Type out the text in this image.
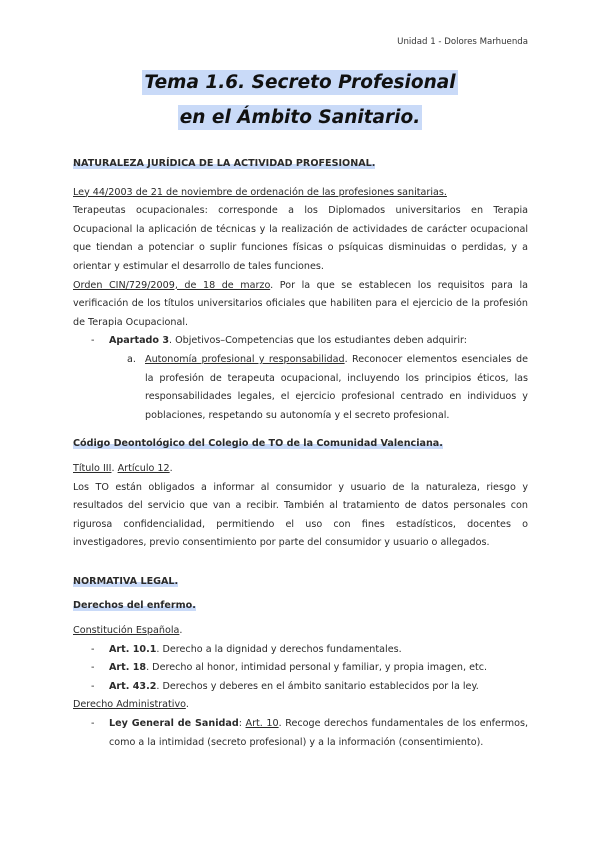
Unidad 1 - Dolores Marhuenda
Tema 1.6. Secreto Profesional
en el Ámbito Sanitario.
NATURALEZA JURÍDICA DE LA ACTIVIDAD PROFESIONAL.
Ley 44/2003 de 21 de noviembre de ordenación de las profesiones sanitarias.
Terapeutas ocupacionales: corresponde a los Diplomados universitarios en Terapia Ocupacional la aplicación de técnicas y la realización de actividades de carácter ocupacional que tiendan a potenciar o suplir funciones físicas o psíquicas disminuidas o perdidas, y a orientar y estimular el desarrollo de tales funciones.
Orden CIN/729/2009, de 18 de marzo. Por la que se establecen los requisitos para la verificación de los títulos universitarios oficiales que habiliten para el ejercicio de la profesión de Terapia Ocupacional.
- Apartado 3. Objetivos–Competencias que los estudiantes deben adquirir:
a. Autonomía profesional y responsabilidad. Reconocer elementos esenciales de la profesión de terapeuta ocupacional, incluyendo los principios éticos, las responsabilidades legales, el ejercicio profesional centrado en individuos y poblaciones, respetando su autonomía y el secreto profesional.
Código Deontológico del Colegio de TO de la Comunidad Valenciana.
Título III. Artículo 12.
Los TO están obligados a informar al consumidor y usuario de la naturaleza, riesgo y resultados del servicio que van a recibir. También al tratamiento de datos personales con rigurosa confidencialidad, permitiendo el uso con fines estadísticos, docentes o investigadores, previo consentimiento por parte del consumidor y usuario o allegados.
NORMATIVA LEGAL.
Derechos del enfermo.
Constitución Española.
- Art. 10.1. Derecho a la dignidad y derechos fundamentales.
- Art. 18. Derecho al honor, intimidad personal y familiar, y propia imagen, etc.
- Art. 43.2. Derechos y deberes en el ámbito sanitario establecidos por la ley.
Derecho Administrativo.
- Ley General de Sanidad: Art. 10. Recoge derechos fundamentales de los enfermos, como a la intimidad (secreto profesional) y a la información (consentimiento).
